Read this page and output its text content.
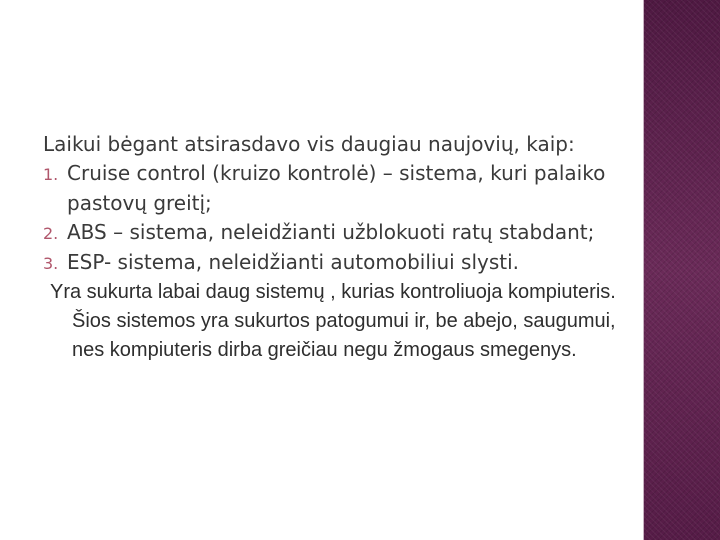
Laikui bėgant atsirasdavo vis daugiau naujovių, kaip:

1. Cruise control (kruizo kontrolė) – sistema, kuri palaiko pastovų greitį;

2. ABS – sistema, neleidžianti užblokuoti ratų stabdant;

3. ESP- sistema, neleidžianti automobiliui slysti.

Yra sukurta labai daug sistemų , kurias kontroliuoja kompiuteris. Šios sistemos yra sukurtos patogumui ir, be abejo, saugumui, nes kompiuteris dirba greičiau negu žmogaus smegenys.
